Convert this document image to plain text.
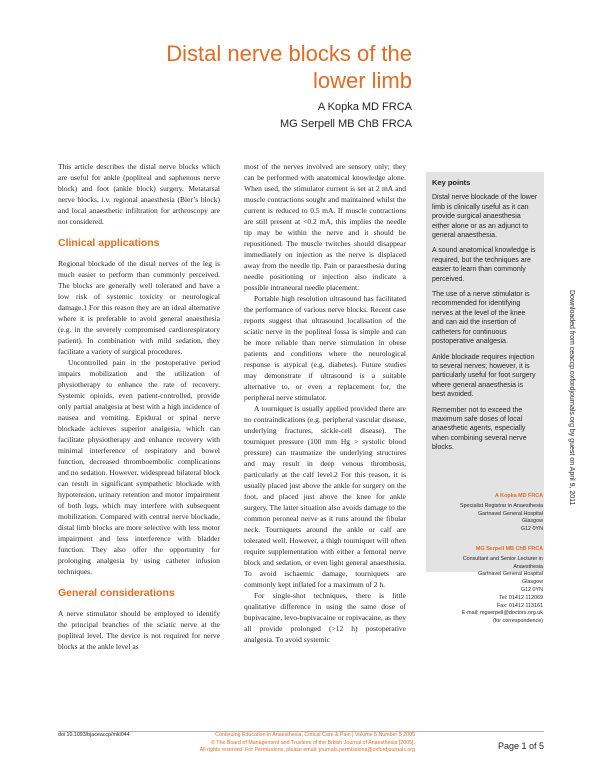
Distal nerve blocks of the
lower limb
A Kopka MD FRCA
MG Serpell MB ChB FRCA

This article describes the distal nerve blocks which are useful for ankle (popliteal and saphenous nerve block) and foot (ankle block) surgery. Metatarsal nerve blocks, i.v. regional anaesthesia (Bier’s block) and local anaesthetic infiltration for arthroscopy are not considered.

Clinical applications

Regional blockade of the distal nerves of the leg is much easier to perform than commonly perceived. The blocks are generally well tolerated and have a low risk of systemic toxicity or neurological damage.1 For this reason they are an ideal alternative where it is preferable to avoid general anaesthesia (e.g. in the severely compromised cardiorespiratory patient). In combination with mild sedation, they facilitate a variety of surgical procedures.

Uncontrolled pain in the postoperative period impairs mobilization and the utilization of physiotherapy to enhance the rate of recovery. Systemic opioids, even patient-controlled, provide only partial analgesia at best with a high incidence of nausea and vomiting. Epidural or spinal nerve blockade achieves superior analgesia, which can facilitate physiotherapy and enhance recovery with minimal interference of respiratory and bowel function, decreased thromboembolic complications and no sedation. However, widespread bilateral block can result in significant sympathetic blockade with hypotension, urinary retention and motor impairment of both legs, which may interfere with subsequent mobilization. Compared with central nerve blockade, distal limb blocks are more selective with less motor impairment and less interference with bladder function. They also offer the opportunity for prolonging analgesia by using catheter infusion techniques.

General considerations

A nerve stimulator should be employed to identify the principal branches of the sciatic nerve at the popliteal level. The device is not required for nerve blocks at the ankle level as

most of the nerves involved are sensory only; they can be performed with anatomical knowledge alone. When used, the stimulator current is set at 2 mA and muscle contractions sought and maintained whilst the current is reduced to 0.5 mA. If muscle contractions are still present at <0.2 mA, this implies the needle tip may be within the nerve and it should be repositioned. The muscle twitches should disappear immediately on injection as the nerve is displaced away from the needle tip. Pain or paraesthesia during needle positioning or injection also indicate a possible intraneural needle placement.

Portable high resolution ultrasound has facilitated the performance of various nerve blocks. Recent case reports suggest that ultrasound localisation of the sciatic nerve in the popliteal fossa is simple and can be more reliable than nerve stimulation in obese patients and conditions where the neurological response is atypical (e.g. diabetes). Future studies may demonstrate if ultrasound is a suitable alternative to, or even a replacement for, the peripheral nerve stimulator.

A tourniquet is usually applied provided there are no contraindications (e.g. peripheral vascular disease, underlying fractures, sickle-cell disease). The tourniquet pressure (100 mm Hg > systolic blood pressure) can traumatize the underlying structures and may result in deep venous thrombosis, particularly at the calf level.2 For this reason, it is usually placed just above the ankle for surgery on the foot, and placed just above the knee for ankle surgery. The latter situation also avoids damage to the common peroneal nerve as it runs around the fibular neck. Tourniquets around the ankle or calf are tolerated well. However, a thigh tourniquet will often require supplementation with either a femoral nerve block and sedation, or even light general anaesthesia. To avoid ischaemic damage, tourniquets are commonly kept inflated for a maximum of 2 h.

For single-shot techniques, there is little qualitative difference in using the same dose of bupivacaine, levo-bupivacaine or ropivacaine, as they all provide prolonged (>12 h) postoperative analgesia. To avoid systemic

Key points
Distal nerve blockade of the lower limb is clinically useful as it can provide surgical anaesthesia either alone or as an adjunct to general anaesthesia.
A sound anatomical knowledge is required, but the techniques are easier to learn than commonly perceived.
The use of a nerve stimulator is recommended for identifying nerves at the level of the knee and can aid the insertion of catheters for continuous postoperative analgesia.
Ankle blockade requires injection to several nerves; however, it is particularly useful for foot surgery where general anaesthesia is best avoided.
Remember not to exceed the maximum safe doses of local anaesthetic agents, especially when combining several nerve blocks.
A Kopka MD FRCA
Specialist Registrar in Anaesthesia
Gartnavel General Hospital
Glasgow
G12 0YN
MG Serpell MB ChB FRCA
Consultant and Senior Lecturer in
Anaesthesia
Gartnavel General Hospital
Glasgow
G12 0YN
Tel: 01412 112069
Fax: 01412 113161
E-mail: mgserpell@doctors.org.uk
(for correspondence)
Downloaded from ceaccp.oxfordjournals.org by guest on April 9, 2011
doi 10.1093/bjaceaccp/mki044	Continuing Education in Anaesthesia, Critical Care & Pain | Volume 5 Number 5 2005
© The Board of Management and Trustees of the British Journal of Anaesthesia [2005].
All rights reserved. For Permissions, please email: journals.permissions@oxfordjournals.org	Page 1 of 5
